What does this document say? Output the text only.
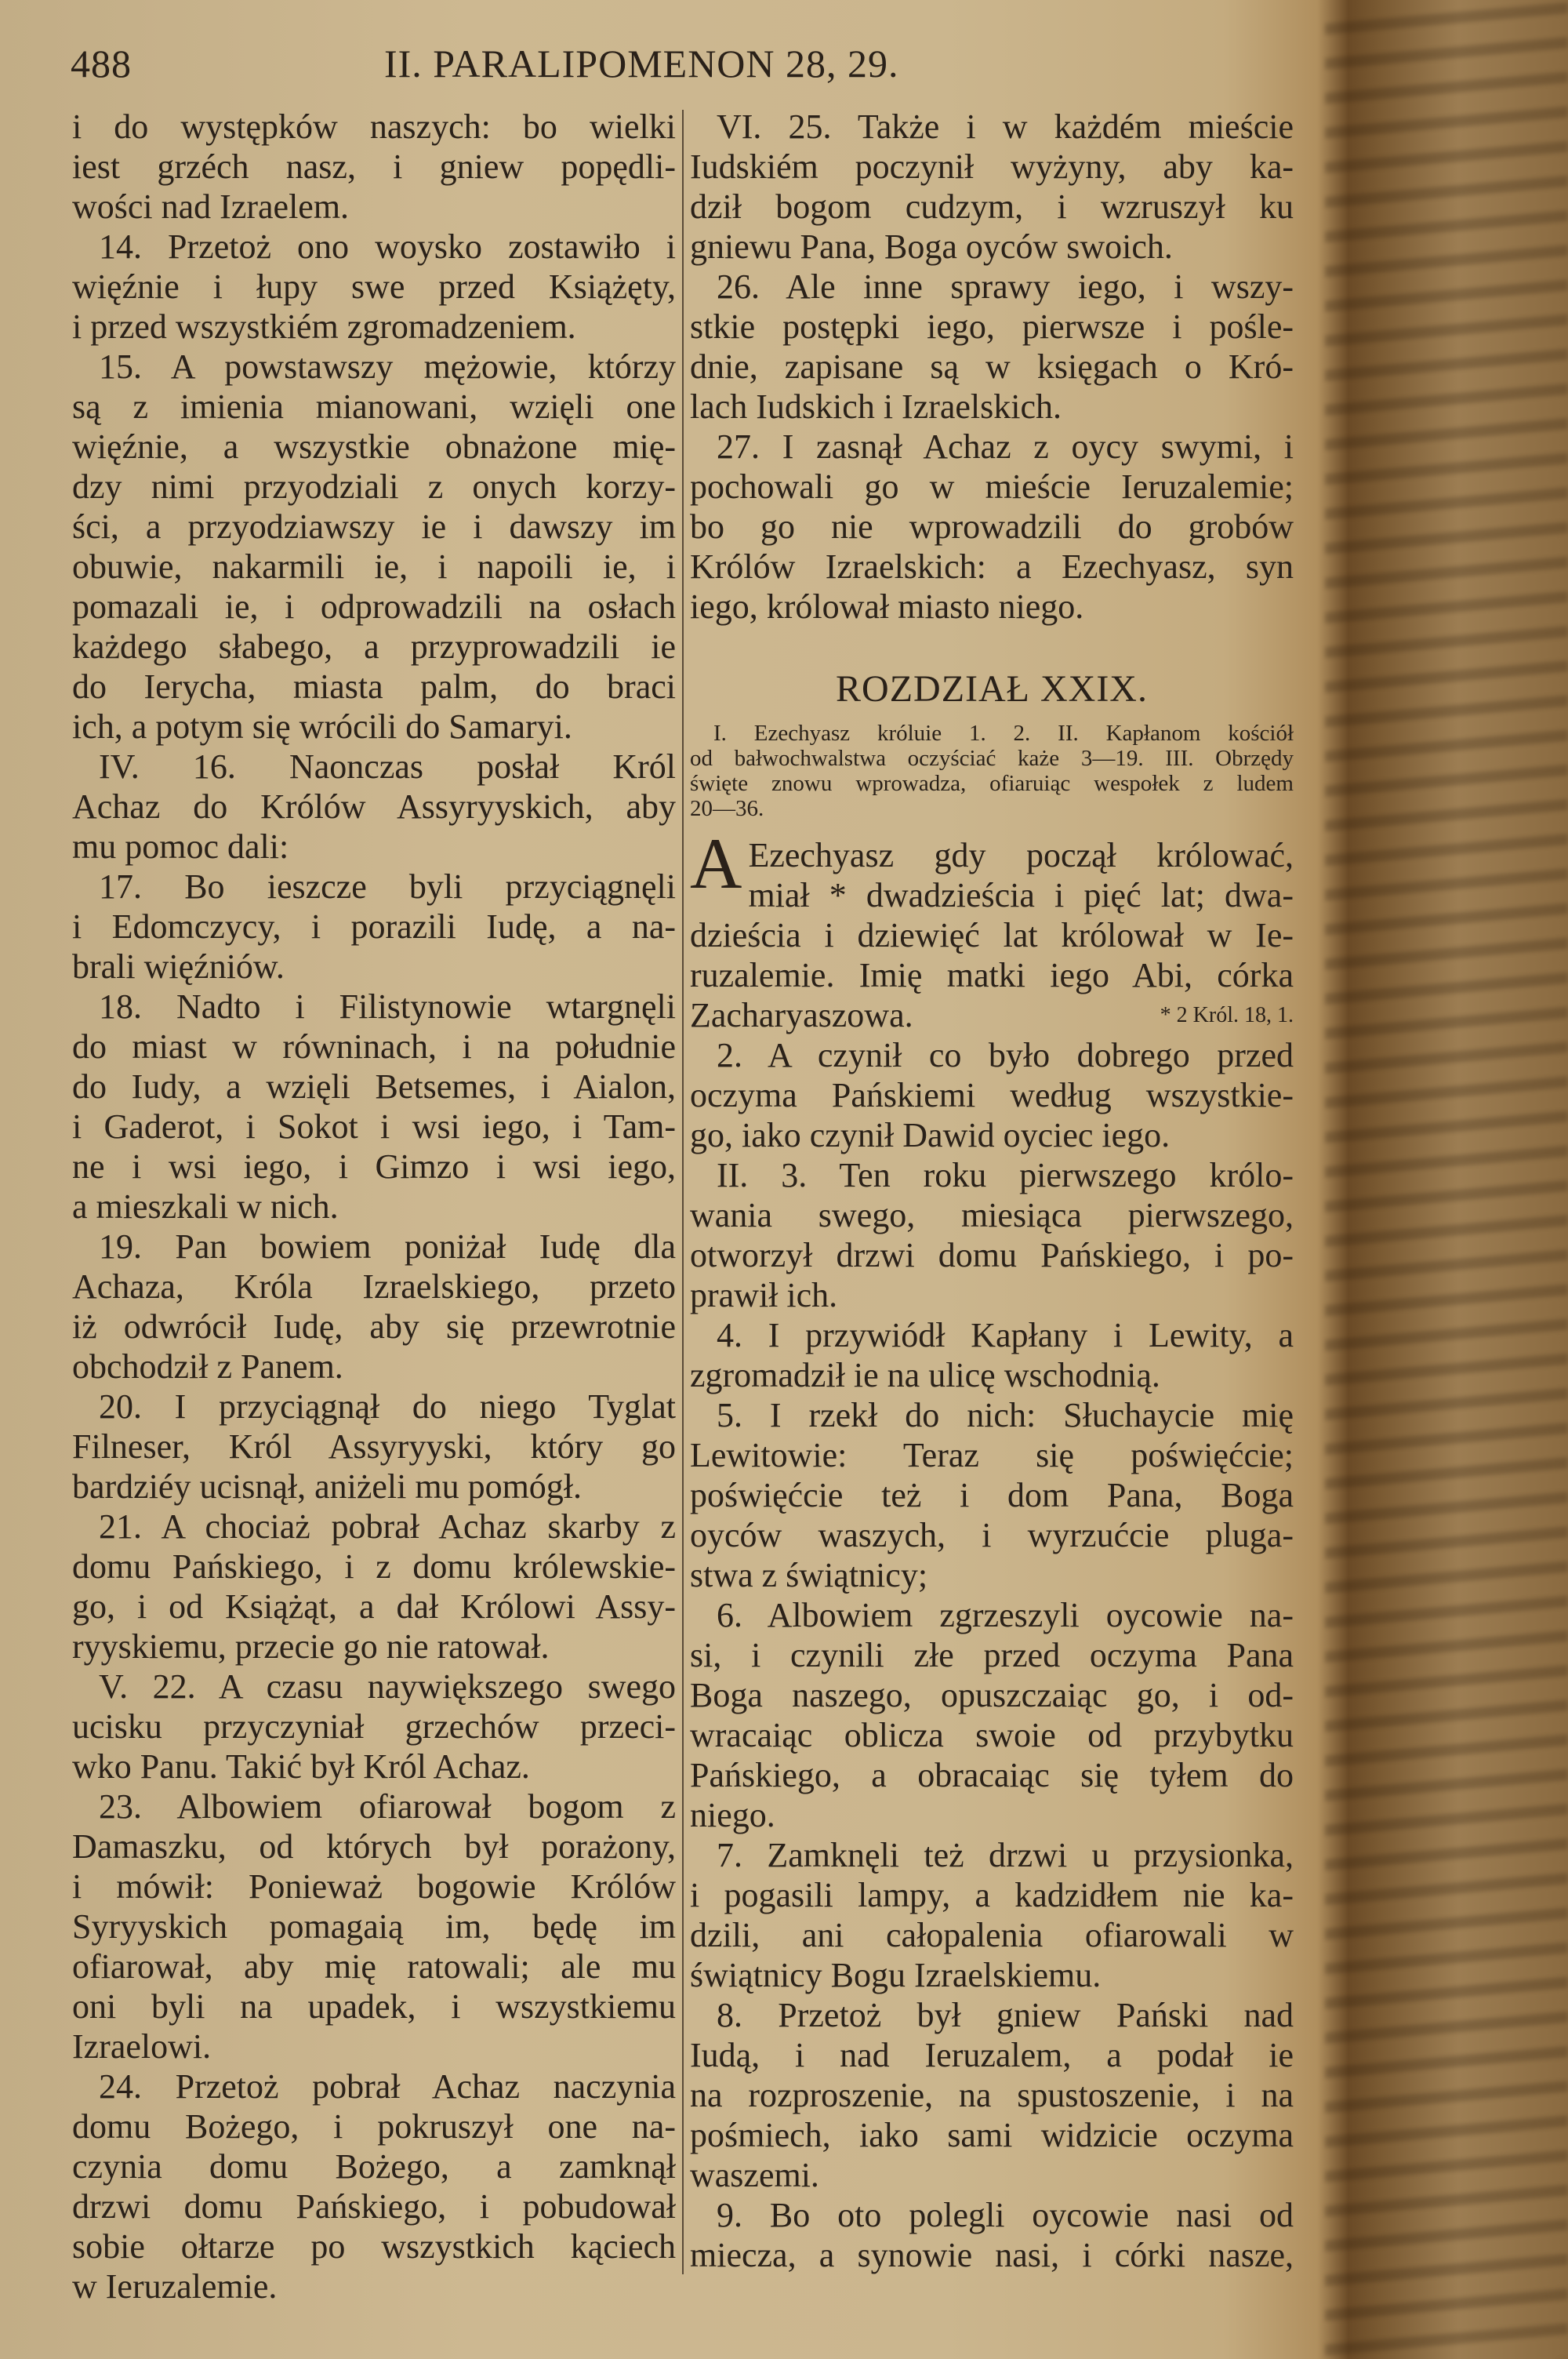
488	II. PARALIPOMENON 28, 29.
i do występków naszych: bo wielki
iest grzéch nasz, i gniew popędli-
wości nad Izraelem.
14. Przetoż ono woysko zostawiło i
więźnie i łupy swe przed Książęty,
i przed wszystkiém zgromadzeniem.
15. A powstawszy mężowie, którzy
są z imienia mianowani, wzięli one
więźnie, a wszystkie obnażone mię-
dzy nimi przyodziali z onych korzy-
ści, a przyodziawszy ie i dawszy im
obuwie, nakarmili ie, i napoili ie, i
pomazali ie, i odprowadzili na osłach
każdego słabego, a przyprowadzili ie
do Ierycha, miasta palm, do braci
ich, a potym się wrócili do Samaryi.
IV. 16. Naonczas posłał Król
Achaz do Królów Assyryyskich, aby
mu pomoc dali:
17. Bo ieszcze byli przyciągnęli
i Edomczycy, i porazili Iudę, a na-
brali więźniów.
18. Nadto i Filistynowie wtargnęli
do miast w równinach, i na południe
do Iudy, a wzięli Betsemes, i Aialon,
i Gaderot, i Sokot i wsi iego, i Tam-
ne i wsi iego, i Gimzo i wsi iego,
a mieszkali w nich.
19. Pan bowiem poniżał Iudę dla
Achaza, Króla Izraelskiego, przeto
iż odwrócił Iudę, aby się przewrotnie
obchodził z Panem.
20. I przyciągnął do niego Tyglat
Filneser, Król Assyryyski, który go
bardziéy ucisnął, aniżeli mu pomógł.
21. A chociaż pobrał Achaz skarby z
domu Pańskiego, i z domu królewskie-
go, i od Książąt, a dał Królowi Assy-
ryyskiemu, przecie go nie ratował.
V. 22. A czasu naywiększego swego
ucisku przyczyniał grzechów przeci-
wko Panu. Takić był Król Achaz.
23. Albowiem ofiarował bogom z
Damaszku, od których był porażony,
i mówił: Ponieważ bogowie Królów
Syryyskich pomagaią im, będę im
ofiarował, aby mię ratowali; ale mu
oni byli na upadek, i wszystkiemu
Izraelowi.
24. Przetoż pobrał Achaz naczynia
domu Bożego, i pokruszył one na-
czynia domu Bożego, a zamknął
drzwi domu Pańskiego, i pobudował
sobie ołtarze po wszystkich kąciech
w Ieruzalemie.
VI. 25. Także i w każdém mieście
Iudskiém poczynił wyżyny, aby ka-
dził bogom cudzym, i wzruszył ku
gniewu Pana, Boga oyców swoich.
26. Ale inne sprawy iego, i wszy-
stkie postępki iego, pierwsze i pośle-
dnie, zapisane są w księgach o Kró-
lach Iudskich i Izraelskich.
27. I zasnął Achaz z oycy swymi, i
pochowali go w mieście Ieruzalemie;
bo go nie wprowadzili do grobów
Królów Izraelskich: a Ezechyasz, syn
iego, królował miasto niego.
ROZDZIAŁ XXIX.
I. Ezechyasz króluie 1. 2. II. Kapłanom kościół
od bałwochwalstwa oczyściać każe 3—19. III. Obrzędy
święte znowu wprowadza, ofiaruiąc wespołek z ludem
20—36.
A Ezechyasz gdy począł królować,
miał * dwadzieścia i pięć lat; dwa-
dzieścia i dziewięć lat królował w Ie-
ruzalemie. Imię matki iego Abi, córka
Zacharyaszowa.	* 2 Król. 18, 1.
2. A czynił co było dobrego przed
oczyma Pańskiemi według wszystkie-
go, iako czynił Dawid oyciec iego.
II. 3. Ten roku pierwszego królo-
wania swego, miesiąca pierwszego,
otworzył drzwi domu Pańskiego, i po-
prawił ich.
4. I przywiódł Kapłany i Lewity, a
zgromadził ie na ulicę wschodnią.
5. I rzekł do nich: Słuchaycie mię
Lewitowie: Teraz się poświęćcie;
poświęćcie też i dom Pana, Boga
oyców waszych, i wyrzućcie pluga-
stwa z świątnicy;
6. Albowiem zgrzeszyli oycowie na-
si, i czynili złe przed oczyma Pana
Boga naszego, opuszczaiąc go, i od-
wracaiąc oblicza swoie od przybytku
Pańskiego, a obracaiąc się tyłem do
niego.
7. Zamknęli też drzwi u przysionka,
i pogasili lampy, a kadzidłem nie ka-
dzili, ani całopalenia ofiarowali w
świątnicy Bogu Izraelskiemu.
8. Przetoż był gniew Pański nad
Iudą, i nad Ieruzalem, a podał ie
na rozproszenie, na spustoszenie, i na
pośmiech, iako sami widzicie oczyma
waszemi.
9. Bo oto polegli oycowie nasi od
miecza, a synowie nasi, i córki nasze,
